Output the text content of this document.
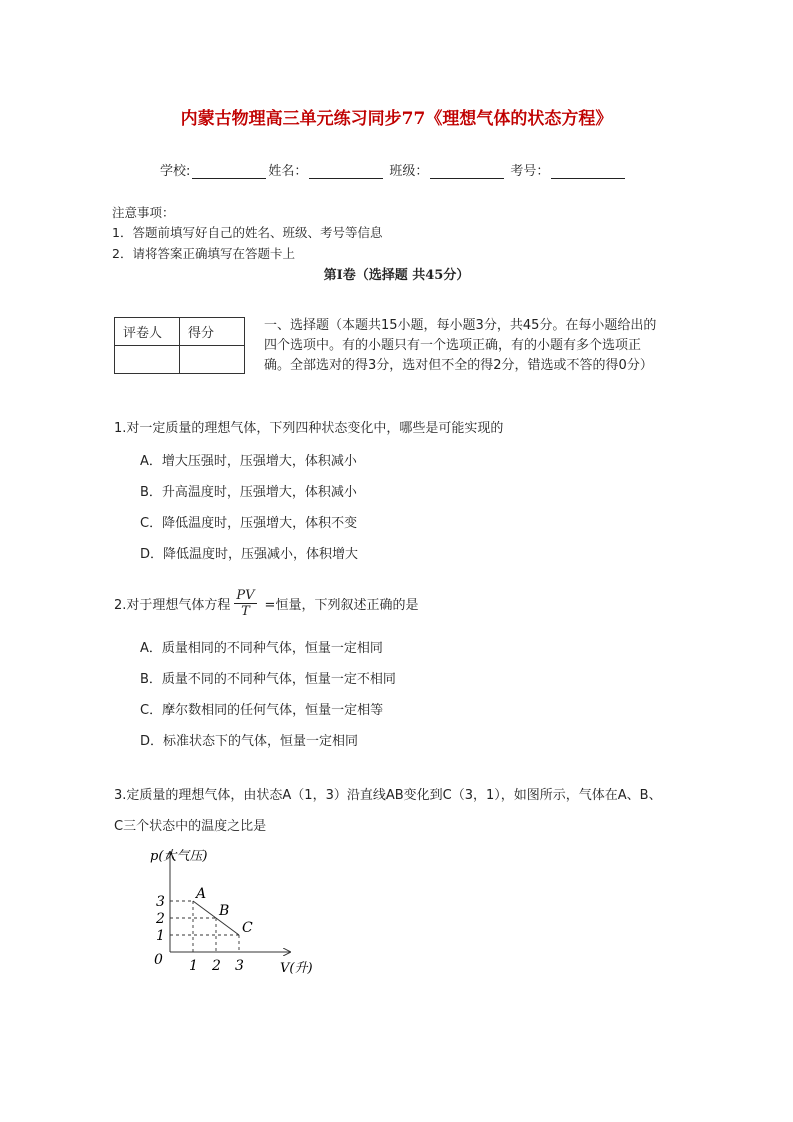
内蒙古物理高三单元练习同步77《理想气体的状态方程》
学校:	姓名：	班级：	考号：
注意事项：
1．答题前填写好自己的姓名、班级、考号等信息
2．请将答案正确填写在答题卡上
第I卷（选择题 共45分）
评卷人	得分

一、选择题（本题共15小题，每小题3分，共45分。在每小题给出的四个选项中。有的小题只有一个选项正确，有的小题有多个选项正确。全部选对的得3分，选对但不全的得2分，错选或不答的得0分）
1.对一定质量的理想气体，下列四种状态变化中，哪些是可能实现的
A．增大压强时，压强增大，体积减小
B．升高温度时，压强增大，体积减小
C．降低温度时，压强增大，体积不变
D．降低温度时，压强减小，体积增大
2.对于理想气体方程 $\frac{PV}{T}$ =恒量，下列叙述正确的是
A．质量相同的不同种气体，恒量一定相同
B．质量不同的不同种气体，恒量一定不相同
C．摩尔数相同的任何气体，恒量一定相等
D．标准状态下的气体，恒量一定相同
3.定质量的理想气体，由状态A（1，3）沿直线AB变化到C（3，1），如图所示，气体在A、B、
C三个状态中的温度之比是
p(大气压)
V(升)
0
A
B
C
1 2 3
3
2
1
